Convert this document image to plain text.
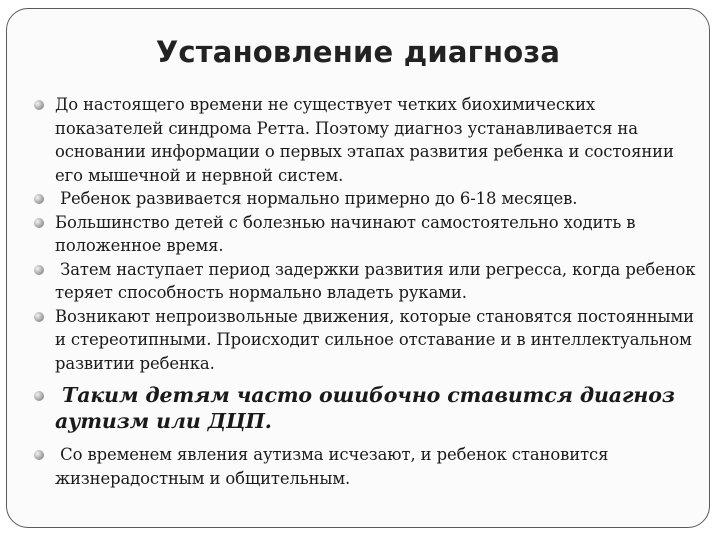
Установление диагноза
До настоящего времени не существует четких биохимических показателей синдрома Ретта. Поэтому диагноз устанавливается на основании информации о первых этапах развития ребенка и состоянии его мышечной и нервной систем.
Ребенок развивается нормально примерно до 6-18 месяцев.
Большинство детей с болезнью начинают самостоятельно ходить в положенное время.
Затем наступает период задержки развития или регресса, когда ребенок теряет способность нормально владеть руками.
Возникают непроизвольные движения, которые становятся постоянными и стереотипными. Происходит сильное отставание и в интеллектуальном развитии ребенка.
Таким детям часто ошибочно ставится диагноз аутизм или ДЦП.
Со временем явления аутизма исчезают, и ребенок становится жизнерадостным и общительным.
